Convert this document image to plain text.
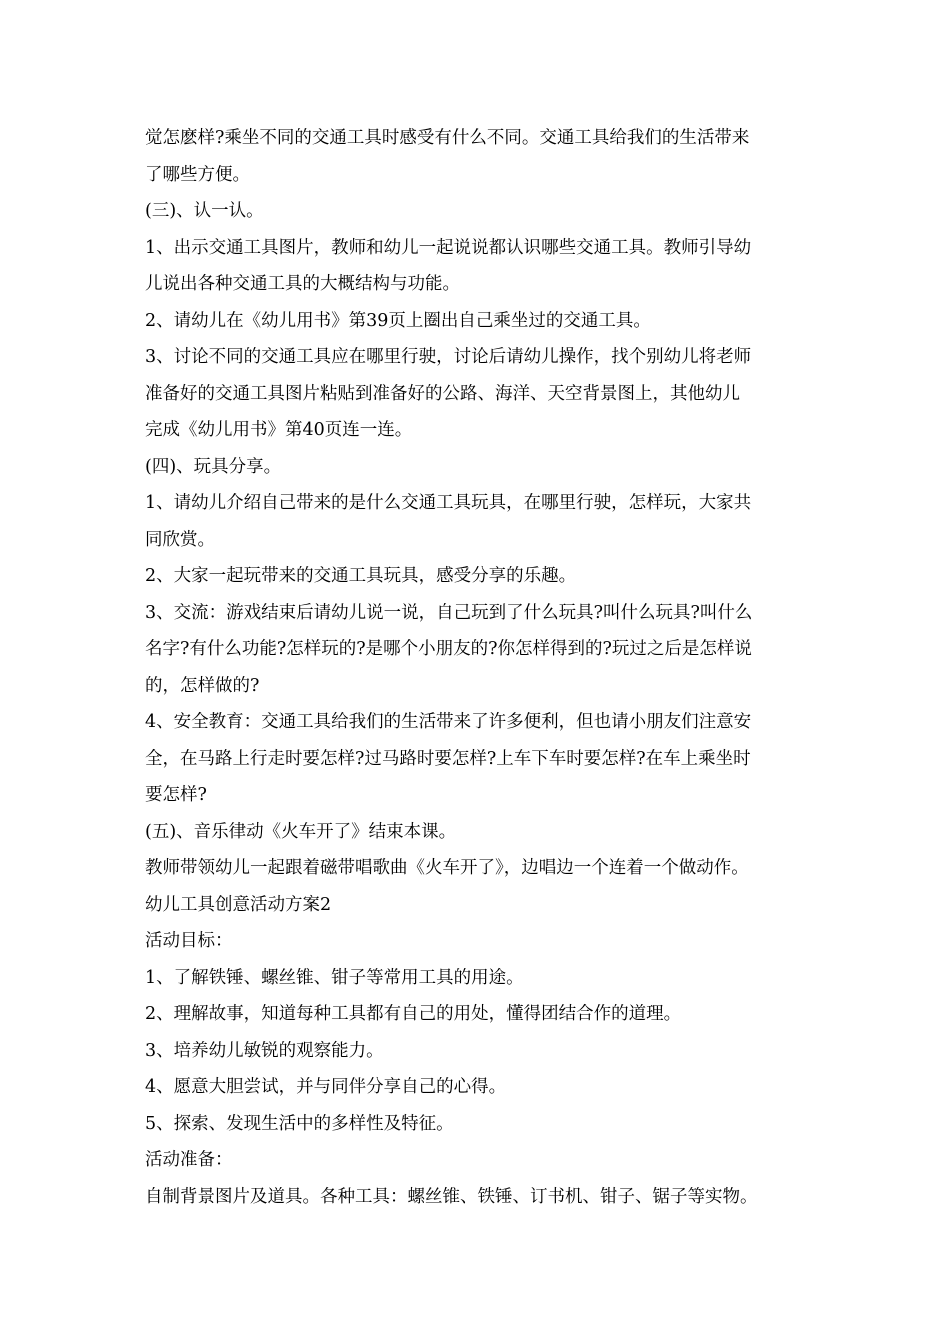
觉怎麽样?乘坐不同的交通工具时感受有什么不同。交通工具给我们的生活带来
了哪些方便。
(三)、认一认。
1、出示交通工具图片，教师和幼儿一起说说都认识哪些交通工具。教师引导幼
儿说出各种交通工具的大概结构与功能。
2、请幼儿在《幼儿用书》第39页上圈出自己乘坐过的交通工具。
3、讨论不同的交通工具应在哪里行驶，讨论后请幼儿操作，找个别幼儿将老师
准备好的交通工具图片粘贴到准备好的公路、海洋、天空背景图上，其他幼儿
完成《幼儿用书》第40页连一连。
(四)、玩具分享。
1、请幼儿介绍自己带来的是什么交通工具玩具，在哪里行驶，怎样玩，大家共
同欣赏。
2、大家一起玩带来的交通工具玩具，感受分享的乐趣。
3、交流：游戏结束后请幼儿说一说，自己玩到了什么玩具?叫什么玩具?叫什么
名字?有什么功能?怎样玩的?是哪个小朋友的?你怎样得到的?玩过之后是怎样说
的，怎样做的?
4、安全教育：交通工具给我们的生活带来了许多便利，但也请小朋友们注意安
全，在马路上行走时要怎样?过马路时要怎样?上车下车时要怎样?在车上乘坐时
要怎样?
(五)、音乐律动《火车开了》结束本课。
教师带领幼儿一起跟着磁带唱歌曲《火车开了》，边唱边一个连着一个做动作。
幼儿工具创意活动方案2
活动目标：
1、了解铁锤、螺丝锥、钳子等常用工具的用途。
2、理解故事，知道每种工具都有自己的用处，懂得团结合作的道理。
3、培养幼儿敏锐的观察能力。
4、愿意大胆尝试，并与同伴分享自己的心得。
5、探索、发现生活中的多样性及特征。
活动准备：
自制背景图片及道具。各种工具：螺丝锥、铁锤、订书机、钳子、锯子等实物。
